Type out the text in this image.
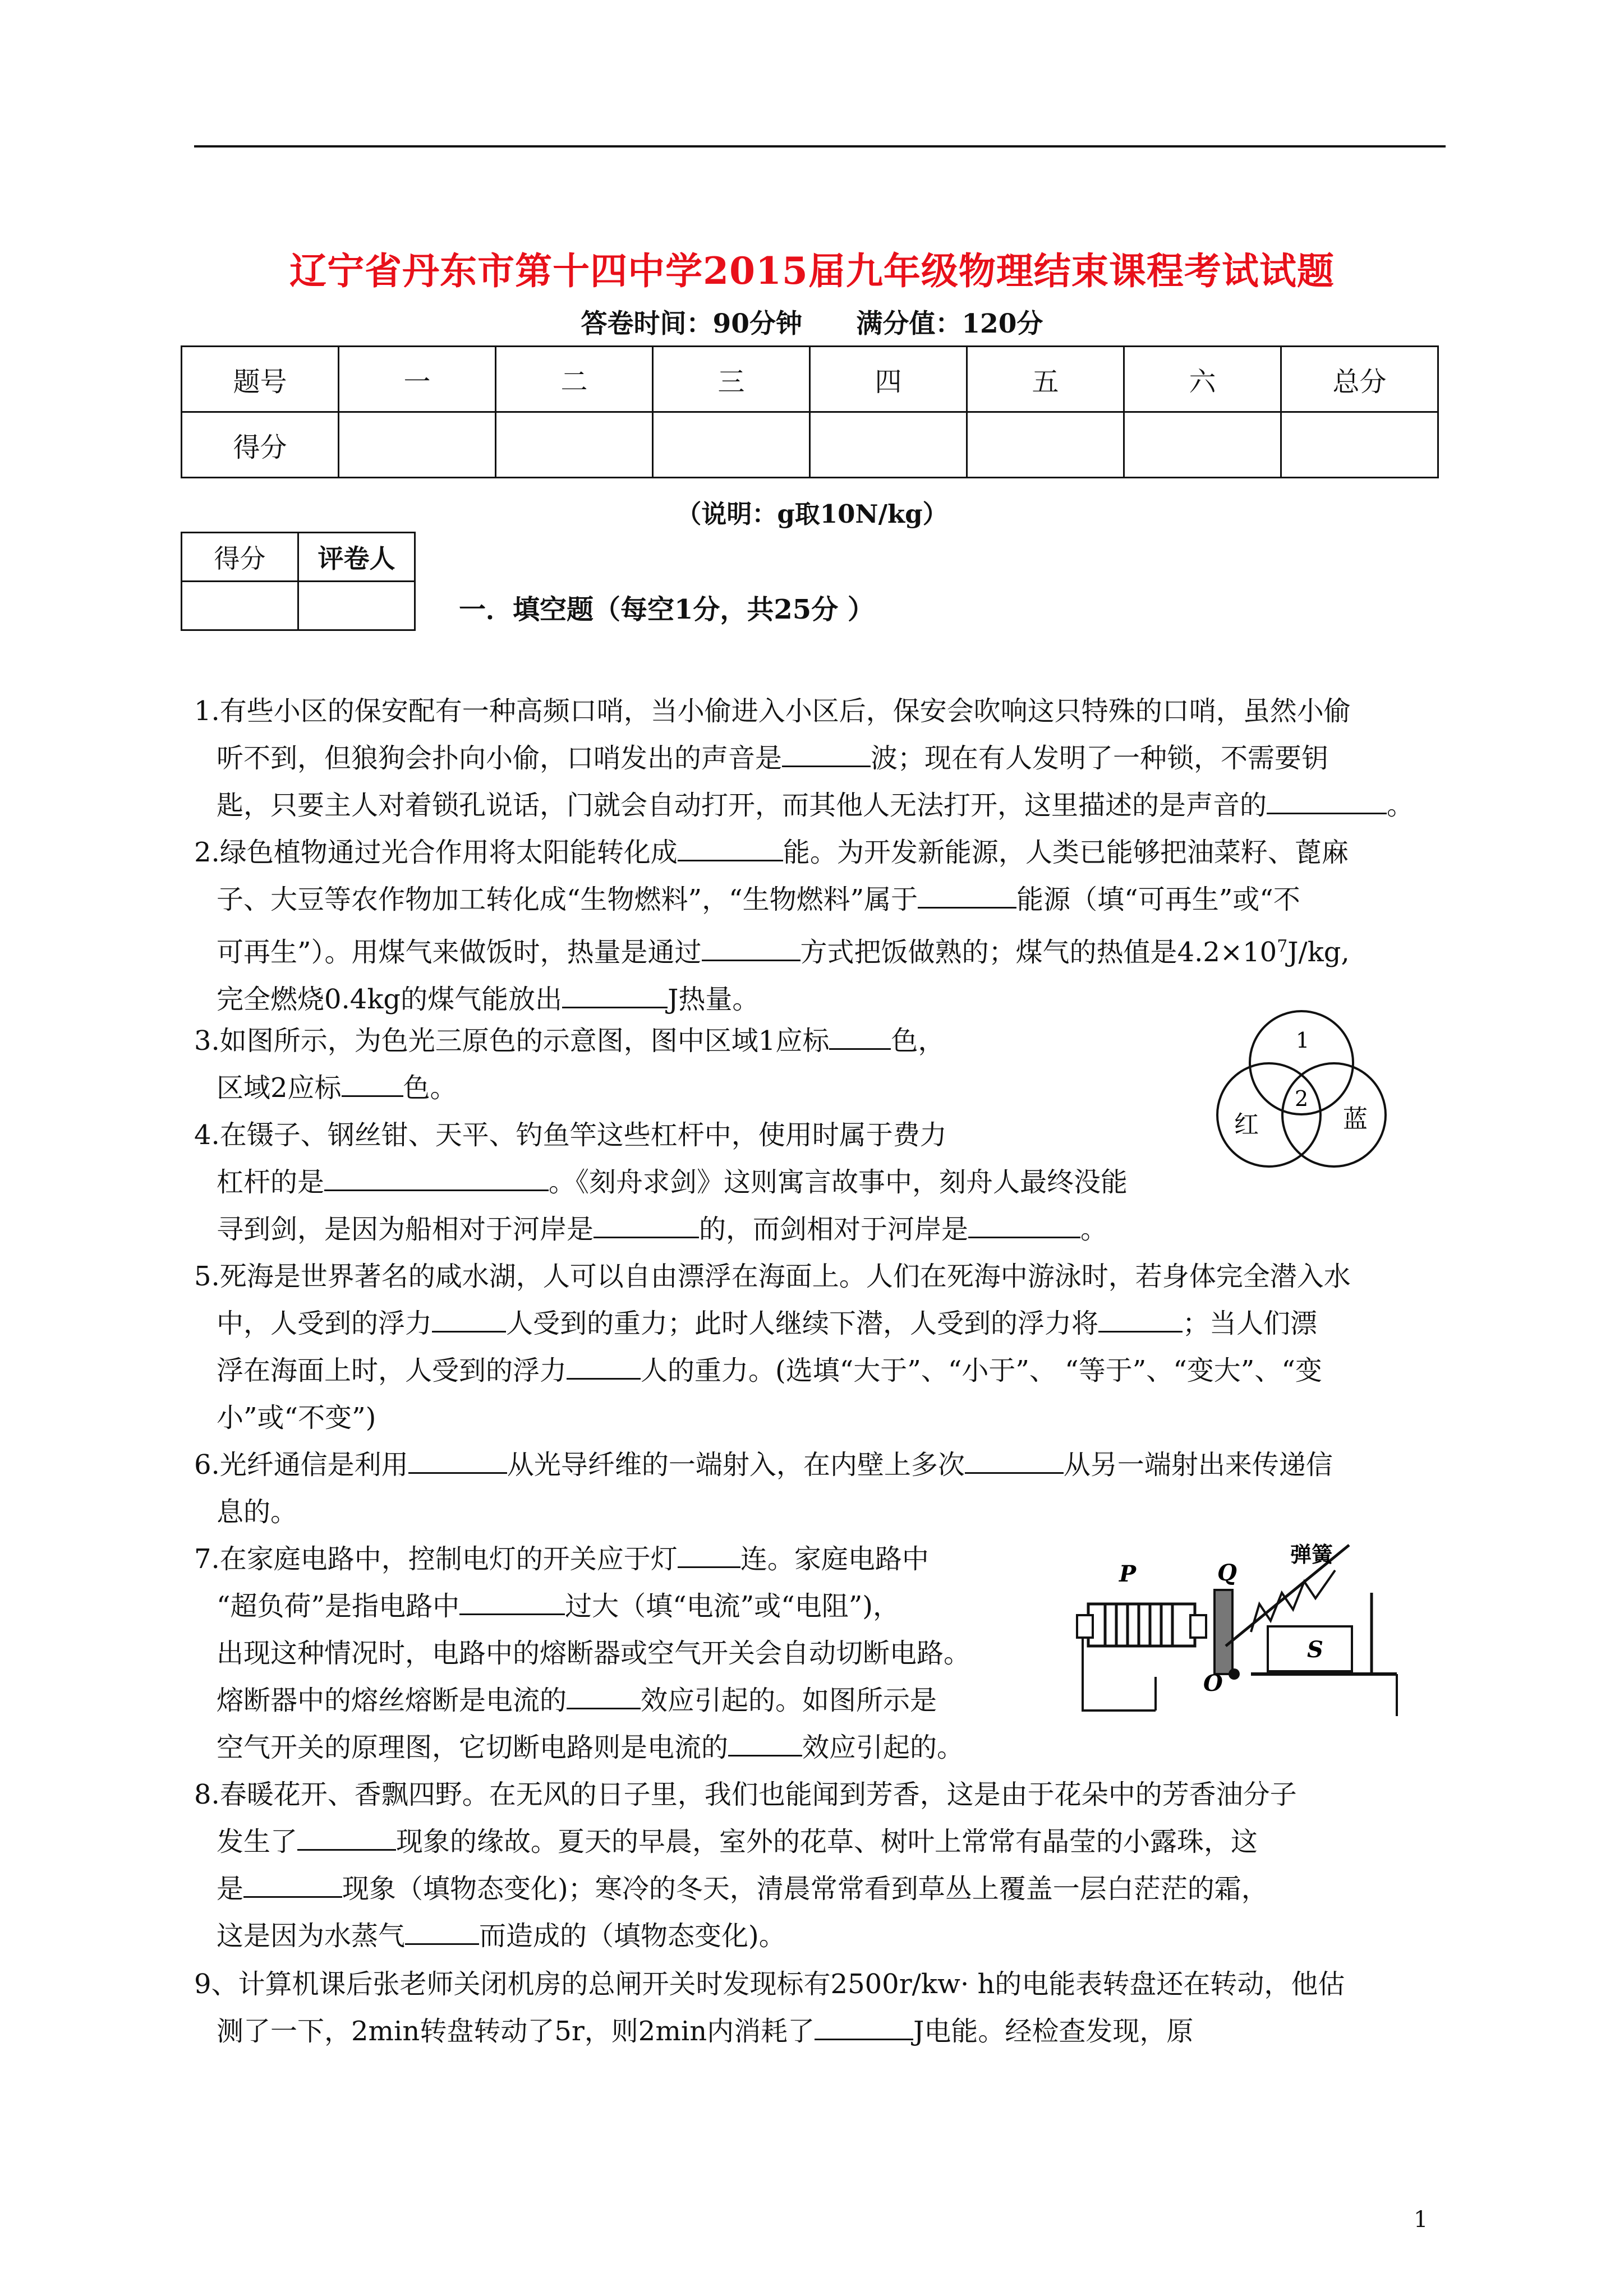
辽宁省丹东市第十四中学2015届九年级物理结束课程考试试题
答卷时间：90分钟 满分值：120分
题号	一	二	三	四	五	六	总分
得分							
（说明：g取10N/kg）
得分	评卷人

一．填空题（每空1分，共25分 ）

1.有些小区的保安配有一种高频口哨，当小偷进入小区后，保安会吹响这只特殊的口哨，虽然小偷

听不到，但狼狗会扑向小偷，口哨发出的声音是	波；现在有人发明了一种锁，不需要钥

匙，只要主人对着锁孔说话，门就会自动打开，而其他人无法打开，这里描述的是声音的	。

2.绿色植物通过光合作用将太阳能转化成	能。为开发新能源，人类已能够把油菜籽、蓖麻

子、大豆等农作物加工转化成“生物燃料”，“生物燃料”属于	能源（填“可再生”或“不

可再生”）。用煤气来做饭时，热量是通过	方式把饭做熟的；煤气的热值是$4.2\times 10^7J/kg$,

完全燃烧0.4kg的煤气能放出	J热量。

3.如图所示，为色光三原色的示意图，图中区域1应标 色，

区域2应标 色。

1
2
红	蓝

4.在镊子、钢丝钳、天平、钓鱼竿这些杠杆中，使用时属于费力

杠杆的是	。《刻舟求剑》这则寓言故事中，刻舟人最终没能

寻到剑，是因为船相对于河岸是	的，而剑相对于河岸是	。

5.死海是世界著名的咸水湖，人可以自由漂浮在海面上。人们在死海中游泳时，若身体完全潜入水

中，人受到的浮力	人受到的重力；此时人继续下潜，人受到的浮力将	；当人们漂

浮在海面上时，人受到的浮力	人的重力。(选填“大于”、“小于”、 “等于”、“变大”、“变

小”或“不变”)

6.光纤通信是利用	从光导纤维的一端射入，在内壁上多次	从另一端射出来传递信

息的。

7.在家庭电路中，控制电灯的开关应于灯 连。家庭电路中

“超负荷”是指电路中	过大（填“电流”或“电阻”)，

出现这种情况时，电路中的熔断器或空气开关会自动切断电路。

熔断器中的熔丝熔断是电流的	效应引起的。如图所示是

空气开关的原理图，它切断电路则是电流的	效应引起的。

P	Q
弹簧
S
O

8.春暖花开、香飘四野。在无风的日子里，我们也能闻到芳香，这是由于花朵中的芳香油分子

发生了	现象的缘故。夏天的早晨，室外的花草、树叶上常常有晶莹的小露珠，这

是	现象（填物态变化)；寒冷的冬天，清晨常常看到草丛上覆盖一层白茫茫的霜，

这是因为水蒸气	而造成的（填物态变化)。

9、计算机课后张老师关闭机房的总闸开关时发现标有2500r/kw· h的电能表转盘还在转动，他估

测了一下，2min转盘转动了5r，则2min内消耗了	J电能。经检查发现，原

1
